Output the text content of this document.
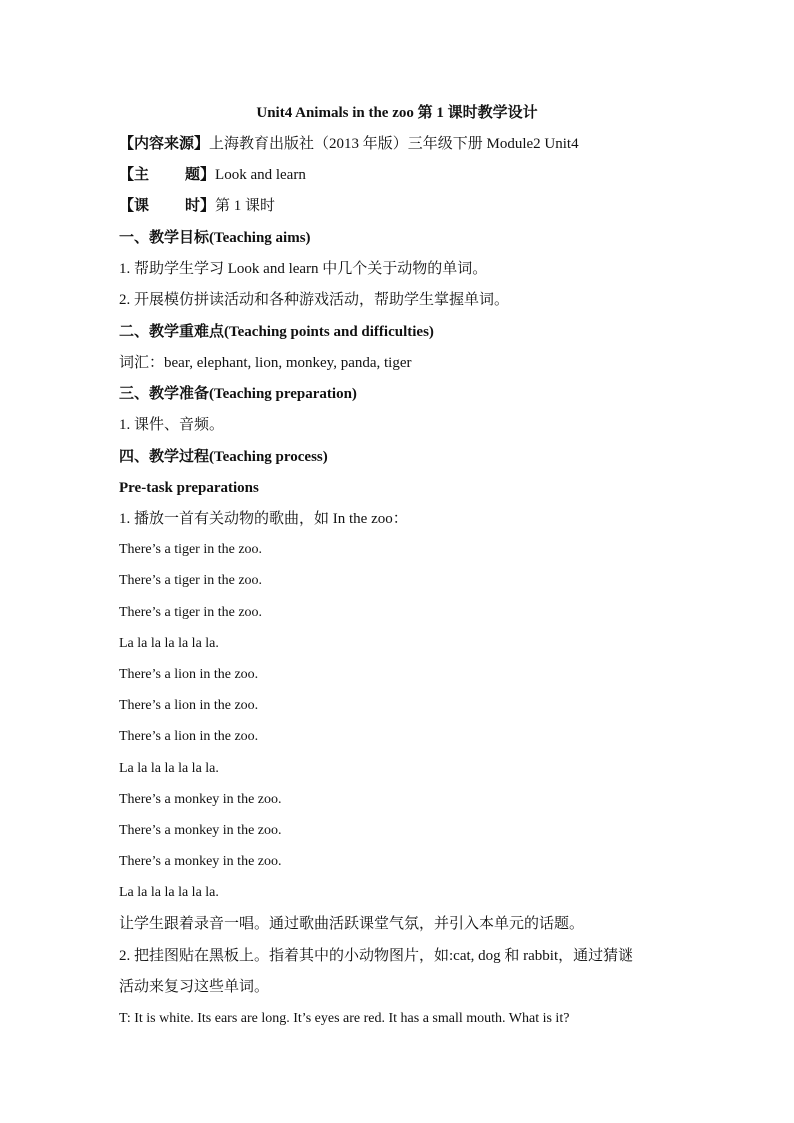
Unit4 Animals in the zoo 第 1 课时教学设计
【内容来源】上海教育出版社（2013 年版）三年级下册 Module2 Unit4
【主 题】Look and learn
【课 时】第 1 课时
一、教学目标(Teaching aims)
1. 帮助学生学习 Look and learn 中几个关于动物的单词。
2. 开展模仿拼读活动和各种游戏活动，帮助学生掌握单词。
二、教学重难点(Teaching points and difficulties)
词汇：bear, elephant, lion, monkey, panda, tiger
三、教学准备(Teaching preparation)
1. 课件、音频。
四、教学过程(Teaching process)
Pre-task preparations
1. 播放一首有关动物的歌曲，如 In the zoo：
There’s a tiger in the zoo.
There’s a tiger in the zoo.
There’s a tiger in the zoo.
La la la la la la la.
There’s a lion in the zoo.
There’s a lion in the zoo.
There’s a lion in the zoo.
La la la la la la la.
There’s a monkey in the zoo.
There’s a monkey in the zoo.
There’s a monkey in the zoo.
La la la la la la la.
让学生跟着录音一唱。通过歌曲活跃课堂气氛，并引入本单元的话题。
2. 把挂图贴在黑板上。指着其中的小动物图片，如:cat, dog 和 rabbit，通过猜谜
活动来复习这些单词。
T: It is white. Its ears are long. It’s eyes are red. It has a small mouth. What is it?
